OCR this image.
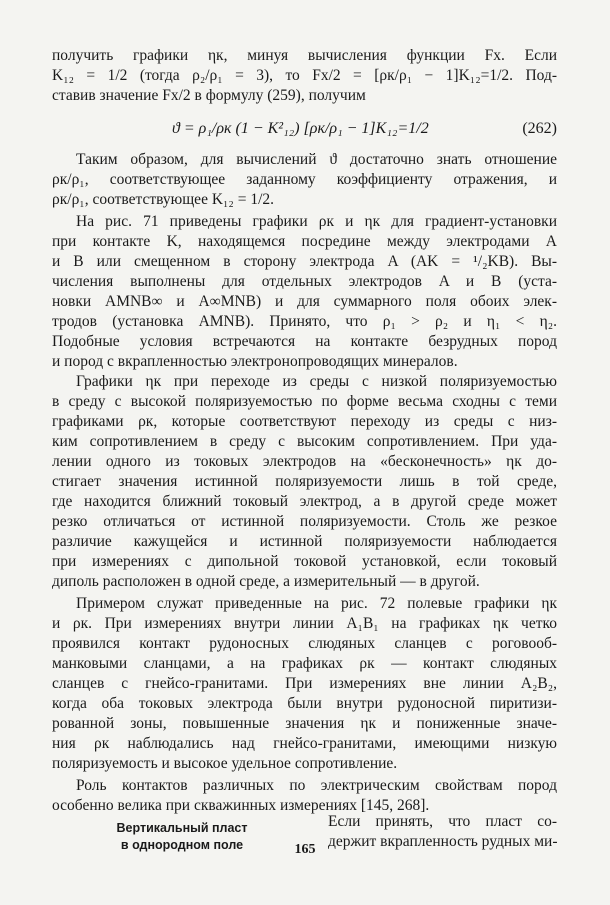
получить графики ηк, минуя вычисления функции Fx. Если
K₁₂ = 1/2 (тогда ρ₂/ρ₁ = 3), то Fx/2 = [ρк/ρ₁ − 1]K₁₂=1/2. Под-
ставив значение Fx/2 в формулу (259), получим
ϑ = ρ₁/ρк (1 − K²₁₂) [ρк/ρ₁ − 1]K₁₂=1/2	(262)
Таким образом, для вычислений ϑ достаточно знать отношение
ρк/ρ₁, соответствующее заданному коэффициенту отражения, и
ρк/ρ₁, соответствующее K₁₂ = 1/2.
На рис. 71 приведены графики ρк и ηк для градиент-установки
при контакте K, находящемся посредине между электродами A
и B или смещенном в сторону электрода A (AK = ¹/₂KB). Вы-
числения выполнены для отдельных электродов A и B (уста-
новки AMNB∞ и A∞MNB) и для суммарного поля обоих элек-
тродов (установка AMNB). Принято, что ρ₁ > ρ₂ и η₁ < η₂.
Подобные условия встречаются на контакте безрудных пород
и пород с вкрапленностью электронопроводящих минералов.
Графики ηк при переходе из среды с низкой поляризуемостью
в среду с высокой поляризуемостью по форме весьма сходны с теми
графиками ρк, которые соответствуют переходу из среды с низ-
ким сопротивлением в среду с высоким сопротивлением. При уда-
лении одного из токовых электродов на «бесконечность» ηк до-
стигает значения истинной поляризуемости лишь в той среде,
где находится ближний токовый электрод, а в другой среде может
резко отличаться от истинной поляризуемости. Столь же резкое
различие кажущейся и истинной поляризуемости наблюдается
при измерениях с дипольной токовой установкой, если токовый
диполь расположен в одной среде, а измерительный — в другой.
Примером служат приведенные на рис. 72 полевые графики ηк
и ρк. При измерениях внутри линии A₁B₁ на графиках ηк четко
проявился контакт рудоносных слюдяных сланцев с роговооб-
манковыми сланцами, а на графиках ρк — контакт слюдяных
сланцев с гнейсо-гранитами. При измерениях вне линии A₂B₂,
когда оба токовых электрода были внутри рудоносной пиритизи-
рованной зоны, повышенные значения ηк и пониженные значе-
ния ρк наблюдались над гнейсо-гранитами, имеющими низкую
поляризуемость и высокое удельное сопротивление.
Роль контактов различных по электрическим свойствам пород
особенно велика при скважинных измерениях [145, 268].
Вертикальный пласт
в однородном поле
Если принять, что пласт со-
держит вкрапленность рудных ми-
165
